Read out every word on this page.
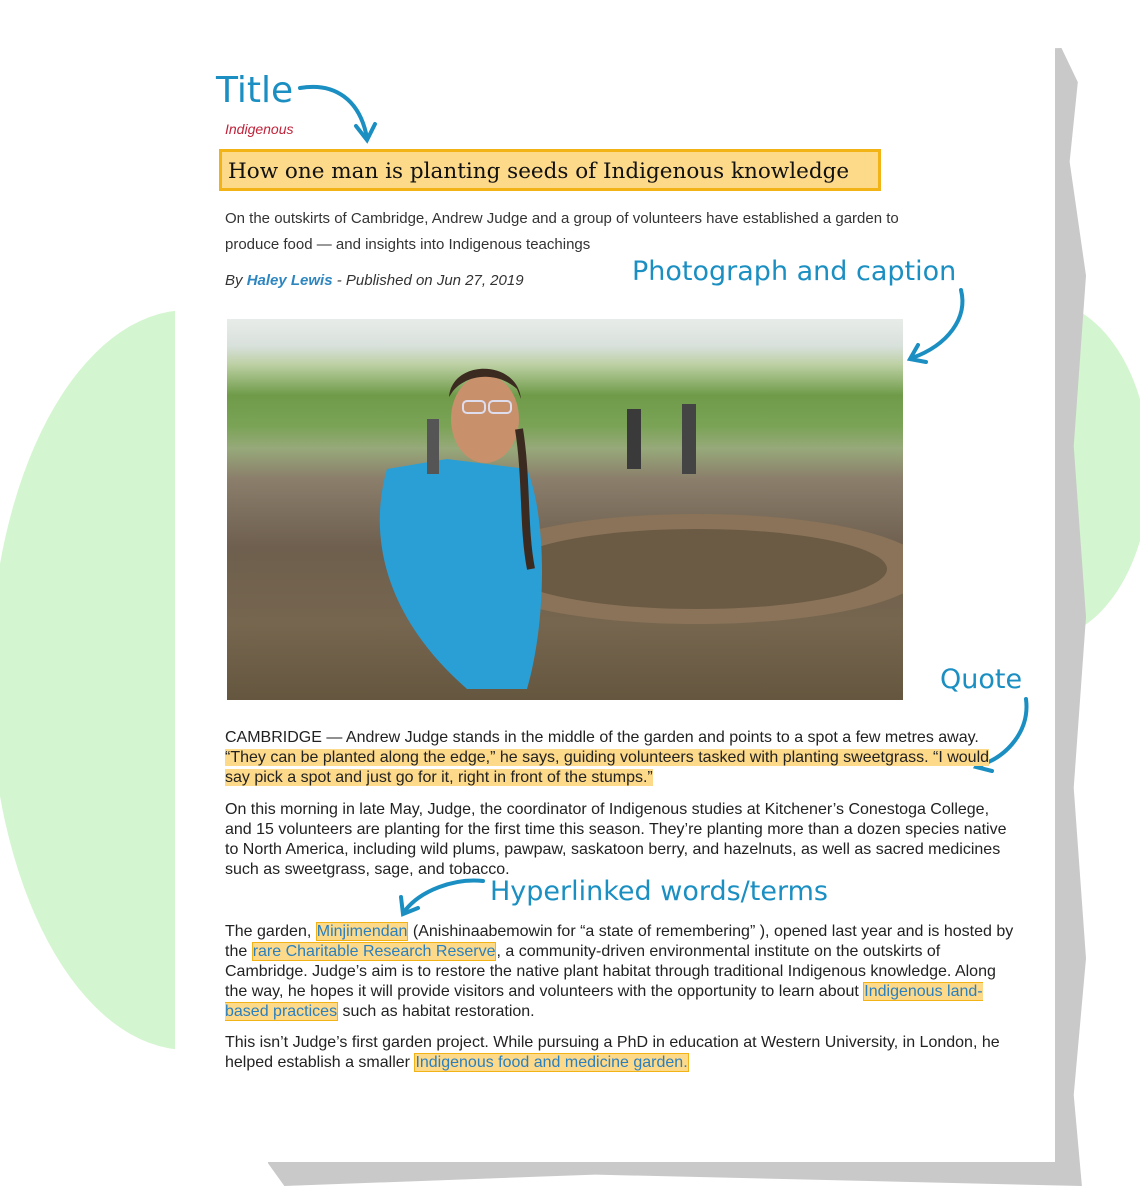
Title
Photograph and caption
Quote
Hyperlinked words/terms
Indigenous
How one man is planting seeds of Indigenous knowledge
On the outskirts of Cambridge, Andrew Judge and a group of volunteers have established a garden to produce food — and insights into Indigenous teachings
By Haley Lewis - Published on Jun 27, 2019
CAMBRIDGE — Andrew Judge stands in the middle of the garden and points to a spot a few metres away. “They can be planted along the edge,” he says, guiding volunteers tasked with planting sweetgrass. “I would say pick a spot and just go for it, right in front of the stumps.”
On this morning in late May, Judge, the coordinator of Indigenous studies at Kitchener’s Conestoga College, and 15 volunteers are planting for the first time this season. They’re planting more than a dozen species native to North America, including wild plums, pawpaw, saskatoon berry, and hazelnuts, as well as sacred medicines such as sweetgrass, sage, and tobacco.
The garden, Minjimendan (Anishinaabemowin for “a state of remembering” ), opened last year and is hosted by the rare Charitable Research Reserve, a community-driven environmental institute on the outskirts of Cambridge. Judge’s aim is to restore the native plant habitat through traditional Indigenous knowledge. Along the way, he hopes it will provide visitors and volunteers with the opportunity to learn about Indigenous land-based practices such as habitat restoration.
This isn’t Judge’s first garden project. While pursuing a PhD in education at Western University, in London, he helped establish a smaller Indigenous food and medicine garden.
